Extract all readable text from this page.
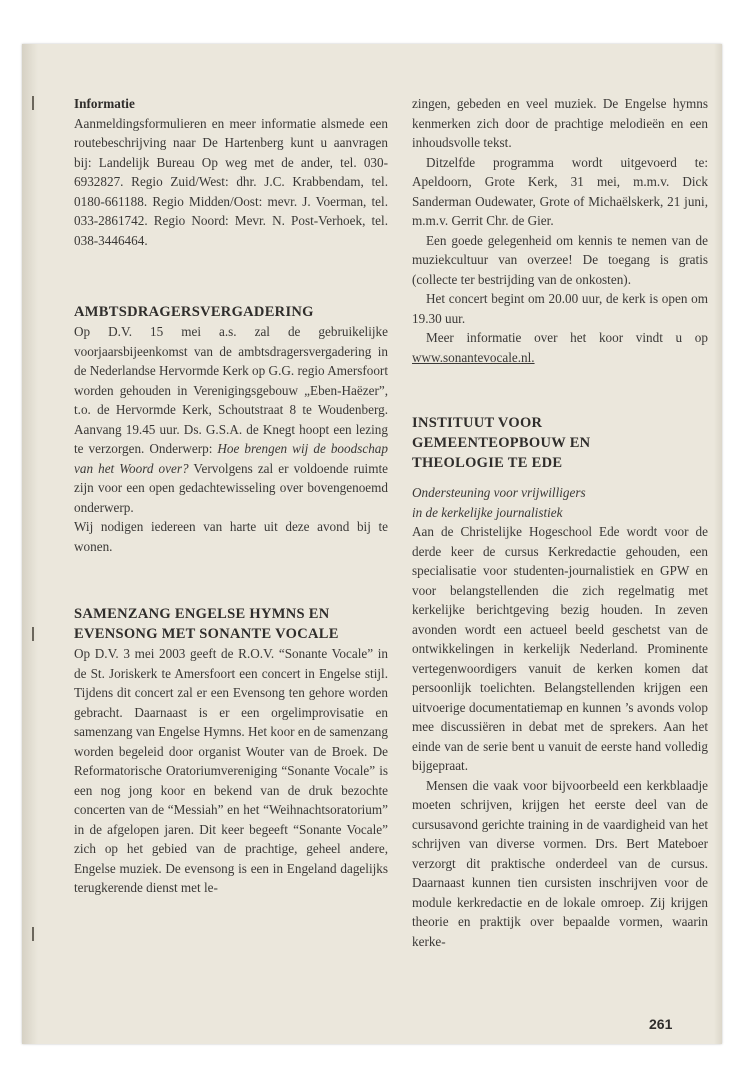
Informatie

Aanmeldingsformulieren en meer informatie alsmede een routebeschrijving naar De Hartenberg kunt u aanvragen bij: Landelijk Bureau Op weg met de ander, tel. 030-6932827. Regio Zuid/West: dhr. J.C. Krabbendam, tel. 0180-661188. Regio Midden/Oost: mevr. J. Voerman, tel. 033-2861742. Regio Noord: Mevr. N. Post-Verhoek, tel. 038-3446464.

AMBTSDRAGERSVERGADERING

Op D.V. 15 mei a.s. zal de gebruikelijke voorjaarsbijeenkomst van de ambtsdragersvergadering in de Nederlandse Hervormde Kerk op G.G. regio Amersfoort worden gehouden in Verenigingsgebouw „Eben-Haëzer”, t.o. de Hervormde Kerk, Schoutstraat 8 te Woudenberg. Aanvang 19.45 uur. Ds. G.S.A. de Knegt hoopt een lezing te verzorgen. Onderwerp: Hoe brengen wij de boodschap van het Woord over? Vervolgens zal er voldoende ruimte zijn voor een open gedachtewisseling over bovengenoemd onderwerp.

Wij nodigen iedereen van harte uit deze avond bij te wonen.

SAMENZANG ENGELSE HYMNS EN
EVENSONG MET SONANTE VOCALE

Op D.V. 3 mei 2003 geeft de R.O.V. “Sonante Vocale” in de St. Joriskerk te Amersfoort een concert in Engelse stijl. Tijdens dit concert zal er een Evensong ten gehore worden gebracht. Daarnaast is er een orgelimprovisatie en samenzang van Engelse Hymns. Het koor en de samenzang worden begeleid door organist Wouter van de Broek. De Reformatorische Oratoriumvereniging “Sonante Vocale” is een nog jong koor en bekend van de druk bezochte concerten van de “Messiah” en het “Weihnachtsoratorium” in de afgelopen jaren. Dit keer begeeft “Sonante Vocale” zich op het gebied van de prachtige, geheel andere, Engelse muziek. De evensong is een in Engeland dagelijks terugkerende dienst met le-

zingen, gebeden en veel muziek. De Engelse hymns kenmerken zich door de prachtige melodieën en een inhoudsvolle tekst.

Ditzelfde programma wordt uitgevoerd te: Apeldoorn, Grote Kerk, 31 mei, m.m.v. Dick Sanderman Oudewater, Grote of Michaëlskerk, 21 juni, m.m.v. Gerrit Chr. de Gier.

Een goede gelegenheid om kennis te nemen van de muziekcultuur van overzee! De toegang is gratis (collecte ter bestrijding van de onkosten).

Het concert begint om 20.00 uur, de kerk is open om 19.30 uur.

Meer informatie over het koor vindt u op www.sonantevocale.nl.

INSTITUUT VOOR
GEMEENTEOPBOUW EN
THEOLOGIE TE EDE

Ondersteuning voor vrijwilligers
in de kerkelijke journalistiek

Aan de Christelijke Hogeschool Ede wordt voor de derde keer de cursus Kerkredactie gehouden, een specialisatie voor studenten-journalistiek en GPW en voor belangstellenden die zich regelmatig met kerkelijke berichtgeving bezig houden. In zeven avonden wordt een actueel beeld geschetst van de ontwikkelingen in kerkelijk Nederland. Prominente vertegenwoordigers vanuit de kerken komen dat persoonlijk toelichten. Belangstellenden krijgen een uitvoerige documentatiemap en kunnen ’s avonds volop mee discussiëren in debat met de sprekers. Aan het einde van de serie bent u vanuit de eerste hand volledig bijgepraat.

Mensen die vaak voor bijvoorbeeld een kerkblaadje moeten schrijven, krijgen het eerste deel van de cursusavond gerichte training in de vaardigheid van het schrijven van diverse vormen. Drs. Bert Mateboer verzorgt dit praktische onderdeel van de cursus. Daarnaast kunnen tien cursisten inschrijven voor de module kerkredactie en de lokale omroep. Zij krijgen theorie en praktijk over bepaalde vormen, waarin kerke-

261
